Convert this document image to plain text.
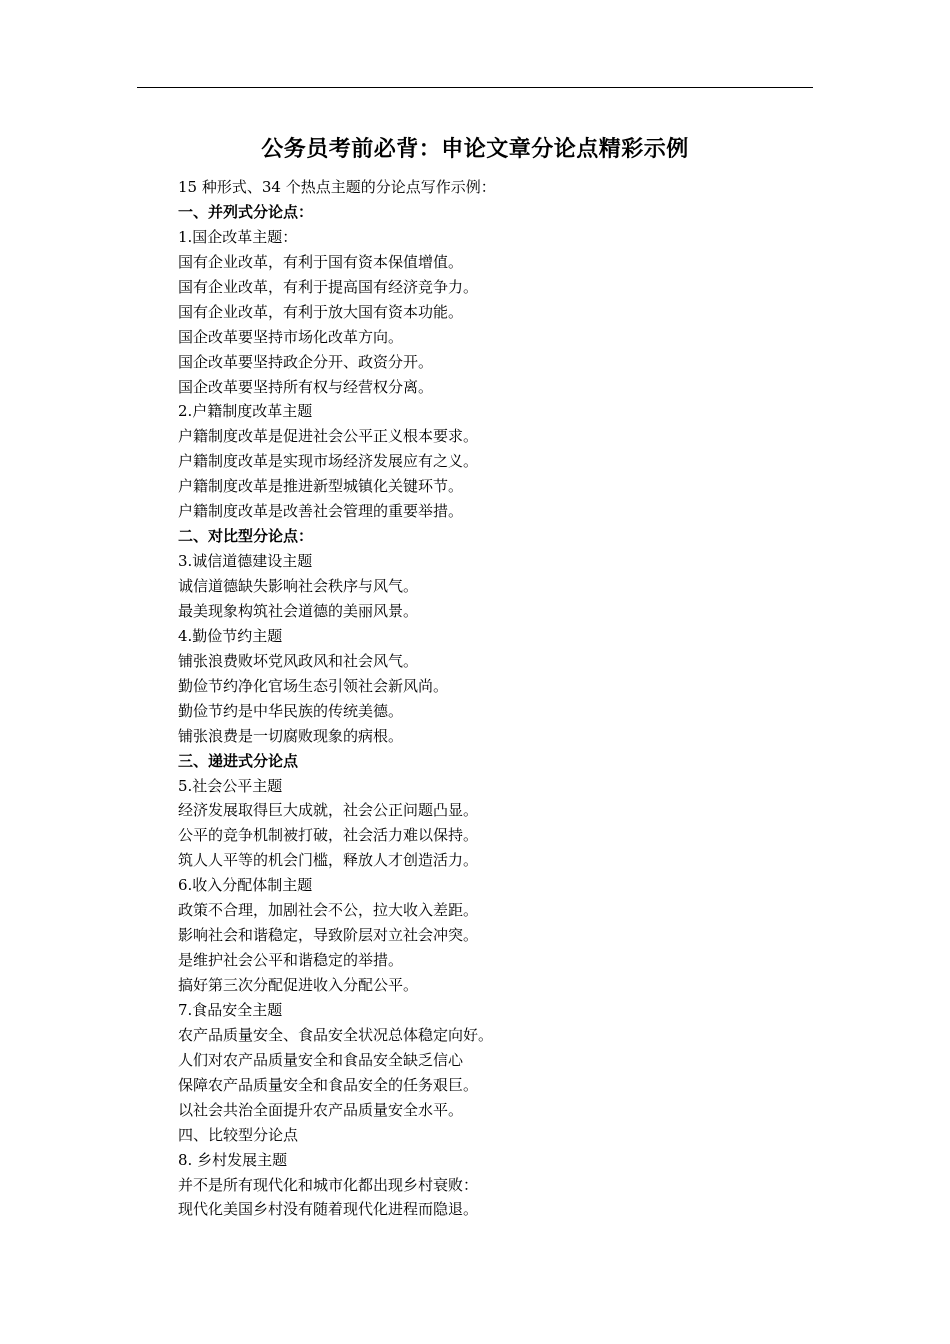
公务员考前必背：申论文章分论点精彩示例
15 种形式、34 个热点主题的分论点写作示例：
一、并列式分论点：
1.国企改革主题：
国有企业改革，有利于国有资本保值增值。
国有企业改革，有利于提高国有经济竞争力。
国有企业改革，有利于放大国有资本功能。
国企改革要坚持市场化改革方向。
国企改革要坚持政企分开、政资分开。
国企改革要坚持所有权与经营权分离。
2.户籍制度改革主题
户籍制度改革是促进社会公平正义根本要求。
户籍制度改革是实现市场经济发展应有之义。
户籍制度改革是推进新型城镇化关键环节。
户籍制度改革是改善社会管理的重要举措。
二、对比型分论点：
3.诚信道德建设主题
诚信道德缺失影响社会秩序与风气。
最美现象构筑社会道德的美丽风景。
4.勤俭节约主题
铺张浪费败坏党风政风和社会风气。
勤俭节约净化官场生态引领社会新风尚。
勤俭节约是中华民族的传统美德。
铺张浪费是一切腐败现象的病根。
三、递进式分论点
5.社会公平主题
经济发展取得巨大成就，社会公正问题凸显。
公平的竞争机制被打破，社会活力难以保持。
筑人人平等的机会门槛，释放人才创造活力。
6.收入分配体制主题
政策不合理，加剧社会不公，拉大收入差距。
影响社会和谐稳定，导致阶层对立社会冲突。
是维护社会公平和谐稳定的举措。
搞好第三次分配促进收入分配公平。
7.食品安全主题
农产品质量安全、食品安全状况总体稳定向好。
人们对农产品质量安全和食品安全缺乏信心
保障农产品质量安全和食品安全的任务艰巨。
以社会共治全面提升农产品质量安全水平。
四、比较型分论点
8. 乡村发展主题
并不是所有现代化和城市化都出现乡村衰败：
现代化美国乡村没有随着现代化进程而隐退。
